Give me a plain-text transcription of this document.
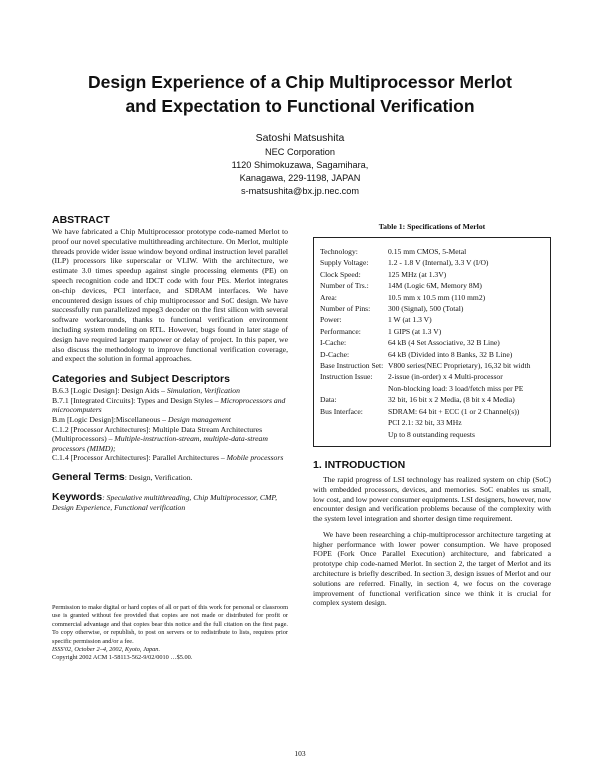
Design Experience of a Chip Multiprocessor Merlot
and Expectation to Functional Verification
Satoshi Matsushita
NEC Corporation
1120 Shimokuzawa, Sagamihara,
Kanagawa, 229-1198, JAPAN
s-matsushita@bx.jp.nec.com
ABSTRACT

We have fabricated a Chip Multiprocessor prototype code-named Merlot to proof our novel speculative multithreading architecture. On Merlot, multiple threads provide wider issue window beyond ordinal instruction level parallel (ILP) processors like superscalar or VLIW. With the architecture, we estimate 3.0 times speedup against single processing elements (PE) on speech recognition code and IDCT code with four PEs. Merlot integrates on-chip devices, PCI interface, and SDRAM interfaces. We have encountered design issues of chip multiprocessor and SoC design. We have successfully run parallelized mpeg3 decoder on the first silicon with several software workarounds, thanks to functional verification environment including system modeling on RTL. However, bugs found in later stage of design have required larger manpower or delay of project. In this paper, we also discuss the methodology to improve functional verification coverage, and expect the solution in formal approaches.

Categories and Subject Descriptors
B.6.3 [Logic Design]: Design Aids – Simulation, Verification
B.7.1 [Integrated Circuits]: Types and Design Styles – Microprocessors and microcomputers
B.m [Logic Design]:Miscellaneous – Design management
C.1.2 [Processor Architectures]: Multiple Data Stream Architectures (Multiprocessors) – Multiple-instruction-stream, multiple-data-stream processors (MIMD);
C.1.4 [Processor Architectures]: Parallel Architectures – Mobile processors

General Terms: Design, Verification.

Keywords: Speculative multithreading, Chip Multiprocessor, CMP, Design Experience, Functional verification

Permission to make digital or hard copies of all or part of this work for personal or classroom use is granted without fee provided that copies are not made or distributed for profit or commercial advantage and that copies bear this notice and the full citation on the first page. To copy otherwise, or republish, to post on servers or to redistribute to lists, requires prior specific permission and/or a fee.
ISSS'02, October 2–4, 2002, Kyoto, Japan.
Copyright 2002 ACM 1-58113-562-9/02/0010 …$5.00.

Table 1: Specifications of Merlot

Technology:	0.15 mm CMOS, 5-Metal
Supply Voltage:	1.2 - 1.8 V (Internal), 3.3 V (I/O)
Clock Speed:	125 MHz (at 1.3V)
Number of Trs.:	14M (Logic 6M, Memory 8M)
Area:	10.5 mm x 10.5 mm (110 mm2)
Number of Pins:	300 (Signal), 500 (Total)
Power:	1 W (at 1.3 V)
Performance:	1 GIPS (at 1.3 V)
I-Cache:	64 kB (4 Set Associative, 32 B Line)
D-Cache:	64 kB (Divided into 8 Banks, 32 B Line)
Base Instruction Set: V800 series(NEC Proprietary), 16,32 bit width
Instruction Issue:	2-issue (in-order) x 4 Multi-processor
Non-blocking load: 3 load/fetch miss per PE
Data:	32 bit, 16 bit x 2 Media, (8 bit x 4 Media)
Bus Interface:	SDRAM: 64 bit + ECC (1 or 2 Channel(s))
PCI 2.1: 32 bit, 33 MHz
Up to 8 outstanding requests
1. INTRODUCTION

The rapid progress of LSI technology has realized system on chip (SoC) with embedded processors, devices, and memories. SoC enables us small, low cost, and low power consumer equipments. LSI designers, however, now encounter design and verification problems because of the complexity with the system level integration and shorter design time requirement.

We have been researching a chip-multiprocessor architecture targeting at higher performance with lower power consumption. We have proposed FOPE (Fork Once Parallel Execution) architecture, and fabricated a prototype chip code-named Merlot. In section 2, the target of Merlot and its architecture is briefly described. In section 3, design issues of Merlot and our solutions are referred. Finally, in section 4, we focus on the coverage improvement of functional verification since we think it is crucial for complex system design.

103
